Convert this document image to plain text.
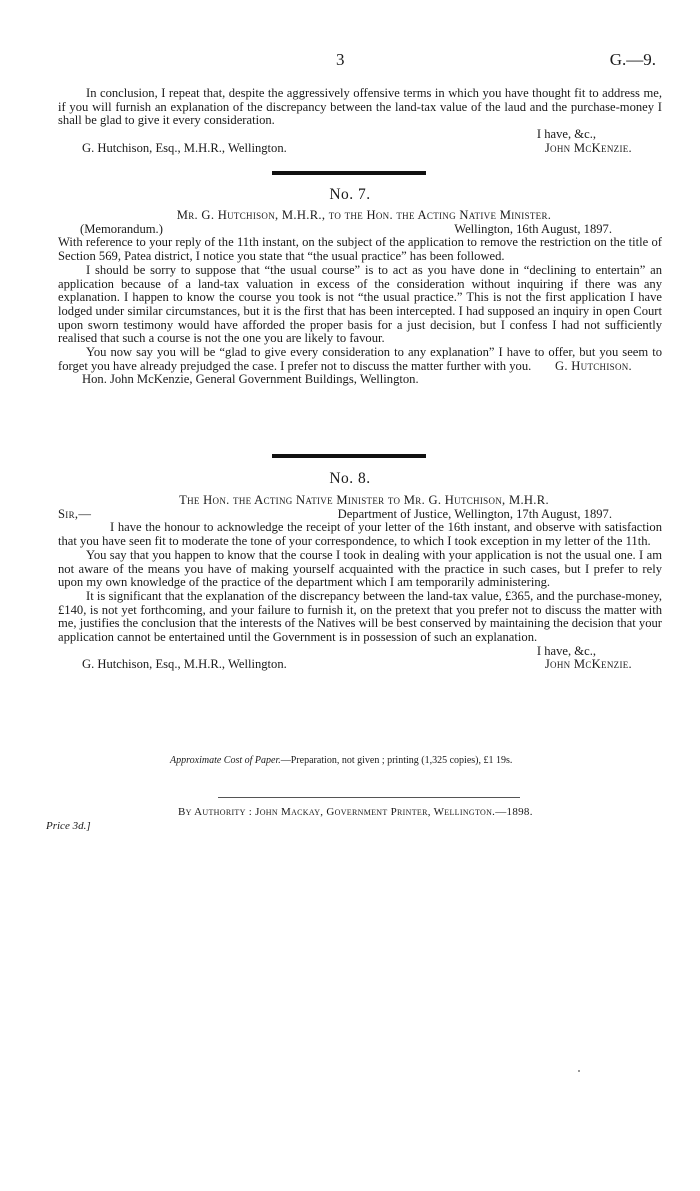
3	G.—9.

In conclusion, I repeat that, despite the aggressively offensive terms in which you have thought fit to address me, if you will furnish an explanation of the discrepancy between the land-tax value of the laud and the purchase-money I shall be glad to give it every consideration.

I have, &c.,
G. Hutchison, Esq., M.H.R., Wellington.	John McKenzie.
No. 7.
Mr. G. Hutchison, M.H.R., to the Hon. the Acting Native Minister.
(Memorandum.)	Wellington, 16th August, 1897.

With reference to your reply of the 11th instant, on the subject of the application to remove the restriction on the title of Section 569, Patea district, I notice you state that “the usual practice” has been followed.

I should be sorry to suppose that “the usual course” is to act as you have done in “declining to entertain” an application because of a land-tax valuation in excess of the consideration without inquiring if there was any explanation. I happen to know the course you took is not “the usual practice.” This is not the first application I have lodged under similar circumstances, but it is the first that has been intercepted. I had supposed an inquiry in open Court upon sworn testimony would have afforded the proper basis for a just decision, but I confess I had not sufficiently realised that such a course is not the one you are likely to favour.

You now say you will be “glad to give every consideration to any explanation” I have to offer, but you seem to forget you have already prejudged the case. I prefer not to discuss the matter further with you.	G. Hutchison.
Hon. John McKenzie, General Government Buildings, Wellington.
No. 8.
The Hon. the Acting Native Minister to Mr. G. Hutchison, M.H.R.
Sir,—	Department of Justice, Wellington, 17th August, 1897.

I have the honour to acknowledge the receipt of your letter of the 16th instant, and observe with satisfaction that you have seen fit to moderate the tone of your correspondence, to which I took exception in my letter of the 11th.

You say that you happen to know that the course I took in dealing with your application is not the usual one. I am not aware of the means you have of making yourself acquainted with the practice in such cases, but I prefer to rely upon my own knowledge of the practice of the department which I am temporarily administering.

It is significant that the explanation of the discrepancy between the land-tax value, £365, and the purchase-money, £140, is not yet forthcoming, and your failure to furnish it, on the pretext that you prefer not to discuss the matter with me, justifies the conclusion that the interests of the Natives will be best conserved by maintaining the decision that your application cannot be entertained until the Government is in possession of such an explanation.

I have, &c.,
G. Hutchison, Esq., M.H.R., Wellington.	John McKenzie.
Approximate Cost of Paper.—Preparation, not given ; printing (1,325 copies), £1 19s.
By Authority : John Mackay, Government Printer, Wellington.—1898.
Price 3d.]
